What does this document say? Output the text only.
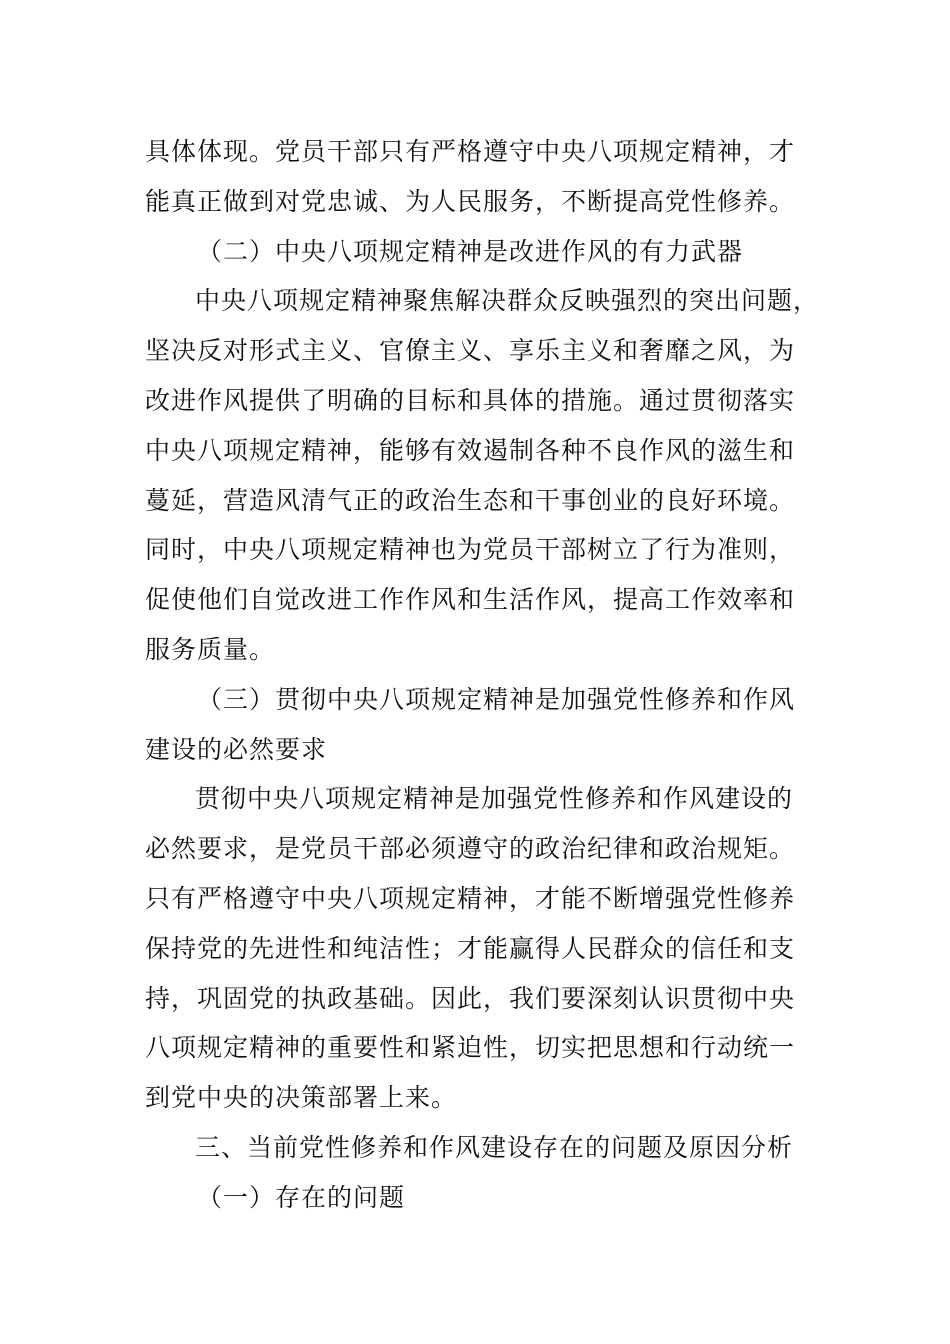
具体体现。党员干部只有严格遵守中央八项规定精神，才
能真正做到对党忠诚、为人民服务，不断提高党性修养。
（二）中央八项规定精神是改进作风的有力武器
中央八项规定精神聚焦解决群众反映强烈的突出问题，
坚决反对形式主义、官僚主义、享乐主义和奢靡之风，为
改进作风提供了明确的目标和具体的措施。通过贯彻落实
中央八项规定精神，能够有效遏制各种不良作风的滋生和
蔓延，营造风清气正的政治生态和干事创业的良好环境。
同时，中央八项规定精神也为党员干部树立了行为准则，
促使他们自觉改进工作作风和生活作风，提高工作效率和
服务质量。
（三）贯彻中央八项规定精神是加强党性修养和作风
建设的必然要求
贯彻中央八项规定精神是加强党性修养和作风建设的
必然要求，是党员干部必须遵守的政治纪律和政治规矩。
只有严格遵守中央八项规定精神，才能不断增强党性修养
保持党的先进性和纯洁性；才能赢得人民群众的信任和支
持，巩固党的执政基础。因此，我们要深刻认识贯彻中央
八项规定精神的重要性和紧迫性，切实把思想和行动统一
到党中央的决策部署上来。
三、当前党性修养和作风建设存在的问题及原因分析
（一）存在的问题
